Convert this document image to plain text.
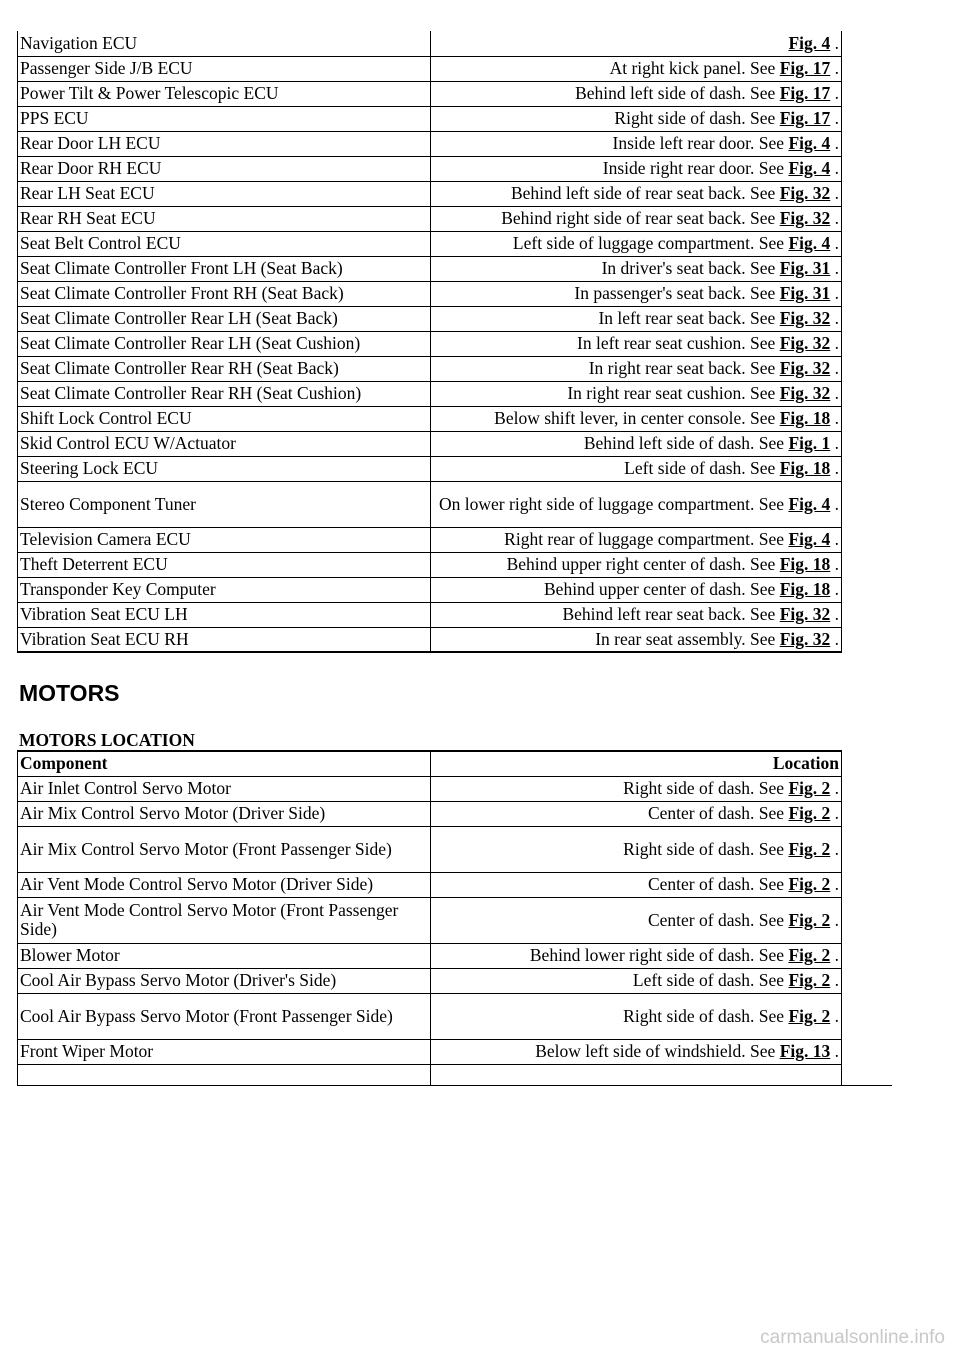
Navigation ECU	Fig. 4 .
Passenger Side J/B ECU	At right kick panel. See Fig. 17 .
Power Tilt & Power Telescopic ECU	Behind left side of dash. See Fig. 17 .
PPS ECU	Right side of dash. See Fig. 17 .
Rear Door LH ECU	Inside left rear door. See Fig. 4 .
Rear Door RH ECU	Inside right rear door. See Fig. 4 .
Rear LH Seat ECU	Behind left side of rear seat back. See Fig. 32 .
Rear RH Seat ECU	Behind right side of rear seat back. See Fig. 32 .
Seat Belt Control ECU	Left side of luggage compartment. See Fig. 4 .
Seat Climate Controller Front LH (Seat Back)	In driver's seat back. See Fig. 31 .
Seat Climate Controller Front RH (Seat Back)	In passenger's seat back. See Fig. 31 .
Seat Climate Controller Rear LH (Seat Back)	In left rear seat back. See Fig. 32 .
Seat Climate Controller Rear LH (Seat Cushion)	In left rear seat cushion. See Fig. 32 .
Seat Climate Controller Rear RH (Seat Back)	In right rear seat back. See Fig. 32 .
Seat Climate Controller Rear RH (Seat Cushion)	In right rear seat cushion. See Fig. 32 .
Shift Lock Control ECU	Below shift lever, in center console. See Fig. 18 .
Skid Control ECU W/Actuator	Behind left side of dash. See Fig. 1 .
Steering Lock ECU	Left side of dash. See Fig. 18 .
Stereo Component Tuner	On lower right side of luggage compartment. See Fig. 4 .
Television Camera ECU	Right rear of luggage compartment. See Fig. 4 .
Theft Deterrent ECU	Behind upper right center of dash. See Fig. 18 .
Transponder Key Computer	Behind upper center of dash. See Fig. 18 .
Vibration Seat ECU LH	Behind left rear seat back. See Fig. 32 .
Vibration Seat ECU RH	In rear seat assembly. See Fig. 32 .
MOTORS
MOTORS LOCATION
Component	Location
Air Inlet Control Servo Motor	Right side of dash. See Fig. 2 .
Air Mix Control Servo Motor (Driver Side)	Center of dash. See Fig. 2 .
Air Mix Control Servo Motor (Front Passenger Side)	Right side of dash. See Fig. 2 .
Air Vent Mode Control Servo Motor (Driver Side)	Center of dash. See Fig. 2 .
Air Vent Mode Control Servo Motor (Front Passenger Side)	Center of dash. See Fig. 2 .
Blower Motor	Behind lower right side of dash. See Fig. 2 .
Cool Air Bypass Servo Motor (Driver's Side)	Left side of dash. See Fig. 2 .
Cool Air Bypass Servo Motor (Front Passenger Side)	Right side of dash. See Fig. 2 .
Front Wiper Motor	Below left side of windshield. See Fig. 13 .

carmanualsonline.info
